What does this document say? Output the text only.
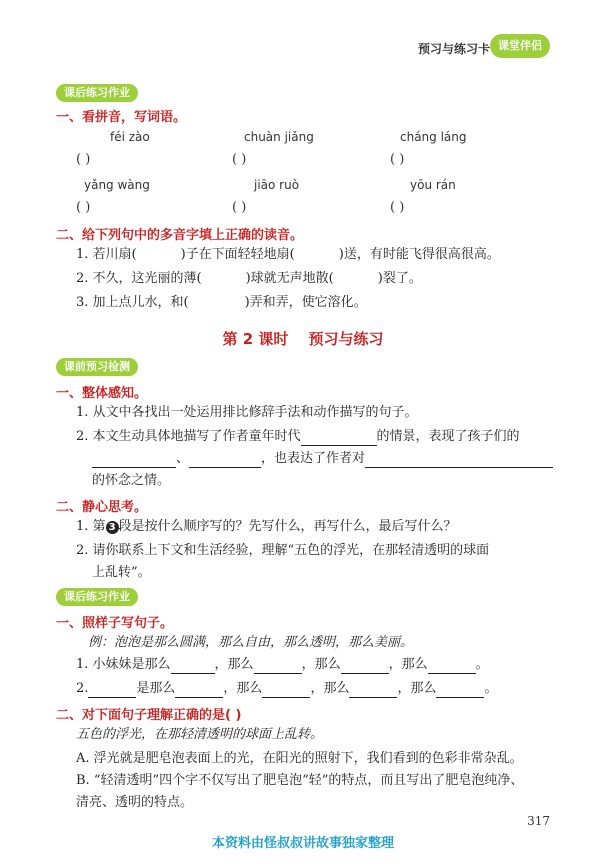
预习与练习卡 课堂伴侣
课后练习作业
一、看拼音，写词语。
féi zào	chuàn jiǎng	cháng láng
( )	( )	( )
yǎng wàng	jiāo ruò	yōu rán
( )	( )	( )
二、给下列句中的多音字填上正确的读音。
1. 若川扇(	)子在下面轻轻地扇(	)送，有时能飞得很高很高。
2. 不久，这光丽的薄(	)球就无声地散(	)裂了。
3. 加上点儿水，和(	)弄和弄，使它溶化。
第 2 课时 预习与练习
课前预习检测
一、整体感知。
1. 从文中各找出一处运用排比修辞手法和动作描写的句子。
2. 本文生动具体地描写了作者童年时代	的情景，表现了孩子们的
、	，也表达了作者对
的怀念之情。
二、静心思考。
1. 第 3 段是按什么顺序写的？先写什么，再写什么，最后写什么？
2. 请你联系上下文和生活经验，理解“五色的浮光，在那轻清透明的球面
上乱转”。
课后练习作业
一、照样子写句子。
例：泡泡是那么圆满，那么自由，那么透明，那么美丽。
1. 小妹妹是那么	，那么	，那么	，那么	。
2.	是那么	，那么	，那么	，那么	。
二、对下面句子理解正确的是( )
五色的浮光，在那轻清透明的球面上乱转。
A. 浮光就是肥皂泡表面上的光，在阳光的照射下，我们看到的色彩非常杂乱。
B. “轻清透明”四个字不仅写出了肥皂泡“轻”的特点，而且写出了肥皂泡纯净、
清亮、透明的特点。
317
本资料由怪叔叔讲故事独家整理
